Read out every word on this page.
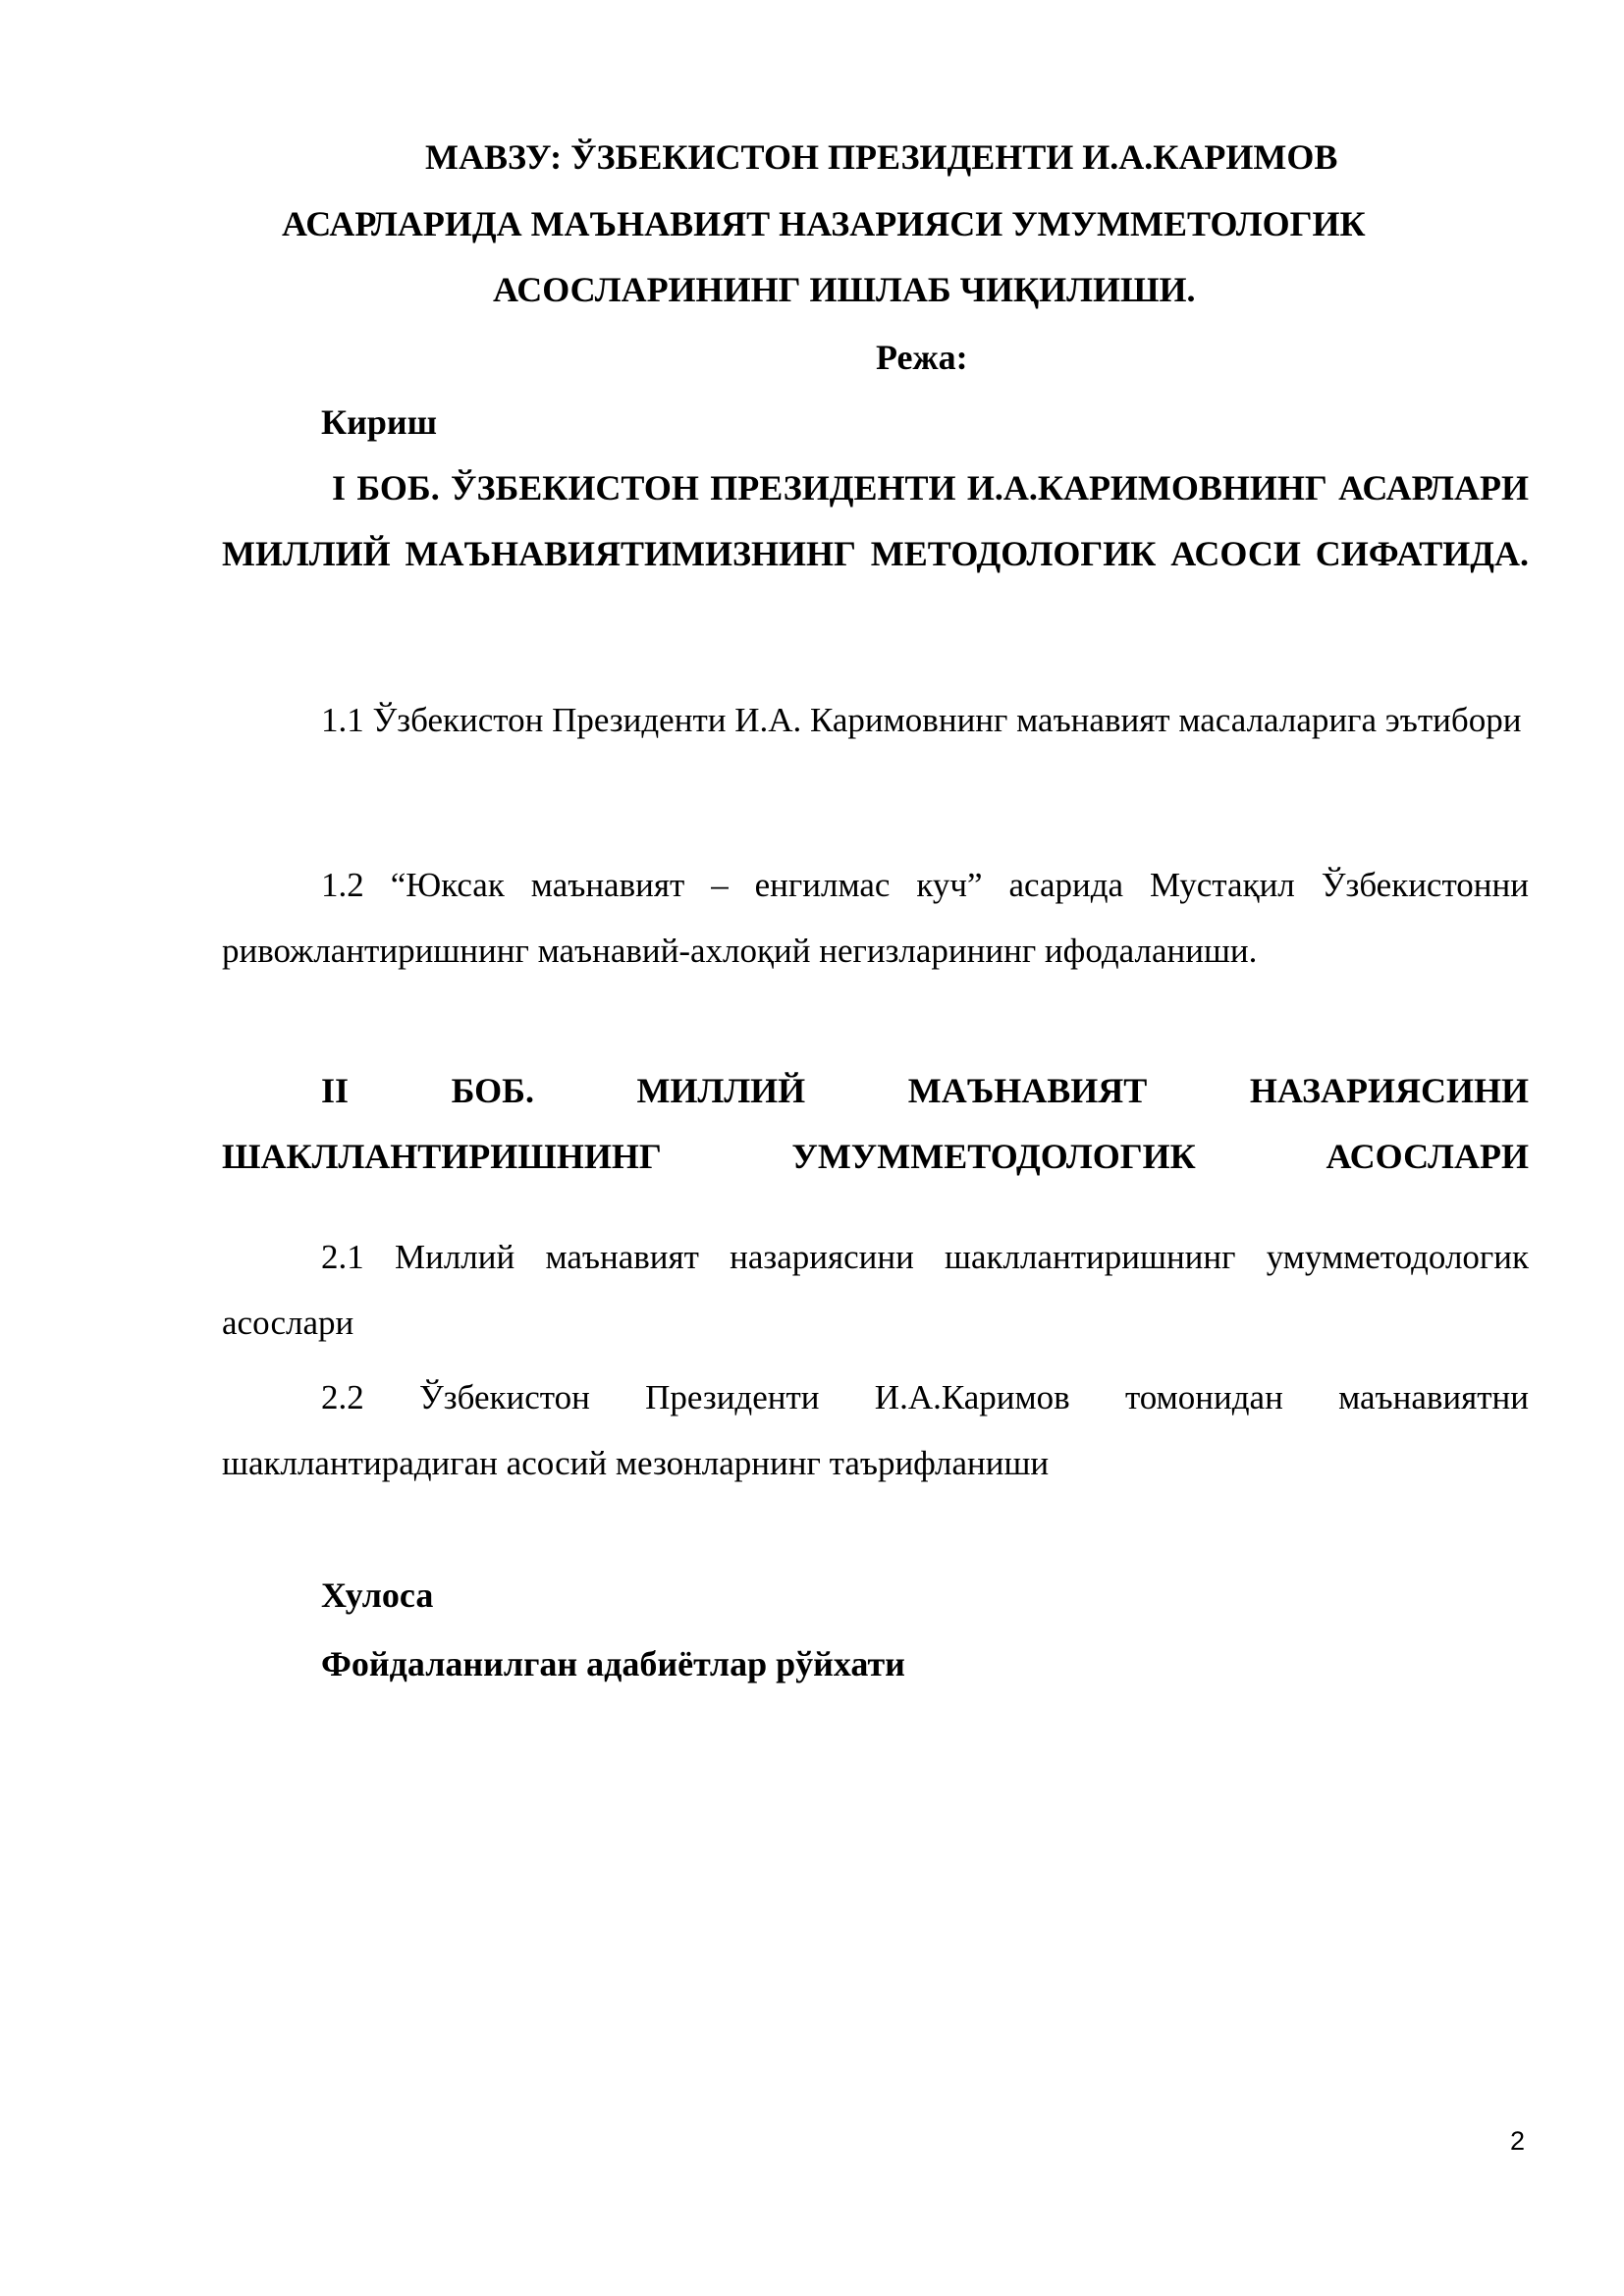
МАВЗУ: ЎЗБЕКИСТОН ПРЕЗИДЕНТИ И.А.КАРИМОВ

АСАРЛАРИДА МАЪНАВИЯТ НАЗАРИЯСИ УМУММЕТОЛОГИК

АСОСЛАРИНИНГ ИШЛАБ ЧИҚИЛИШИ.

Режа:

Кириш

I БОБ. ЎЗБЕКИСТОН ПРЕЗИДЕНТИ И.А.КАРИМОВНИНГ АСАРЛАРИ МИЛЛИЙ МАЪНАВИЯТИМИЗНИНГ МЕТОДОЛОГИК АСОСИ СИФАТИДА.

1.1 Ўзбекистон Президенти И.А. Каримовнинг маънавият масалаларига эътибори

1.2 “Юксак маънавият – енгилмас куч” асарида Мустақил Ўзбекистонни ривожлантиришнинг маънавий-ахлоқий негизларининг ифодаланиши.

II БОБ. МИЛЛИЙ МАЪНАВИЯТ НАЗАРИЯСИНИ ШАКЛЛАНТИРИШНИНГ УМУММЕТОДОЛОГИК АСОСЛАРИ

2.1 Миллий маънавият назариясини шакллантиришнинг умумметодологик асослари

2.2 Ўзбекистон Президенти И.А.Каримов томонидан маънавиятни шакллантирадиган асосий мезонларнинг таърифланиши

Хулоса

Фойдаланилган адабиётлар рўйхати

2
